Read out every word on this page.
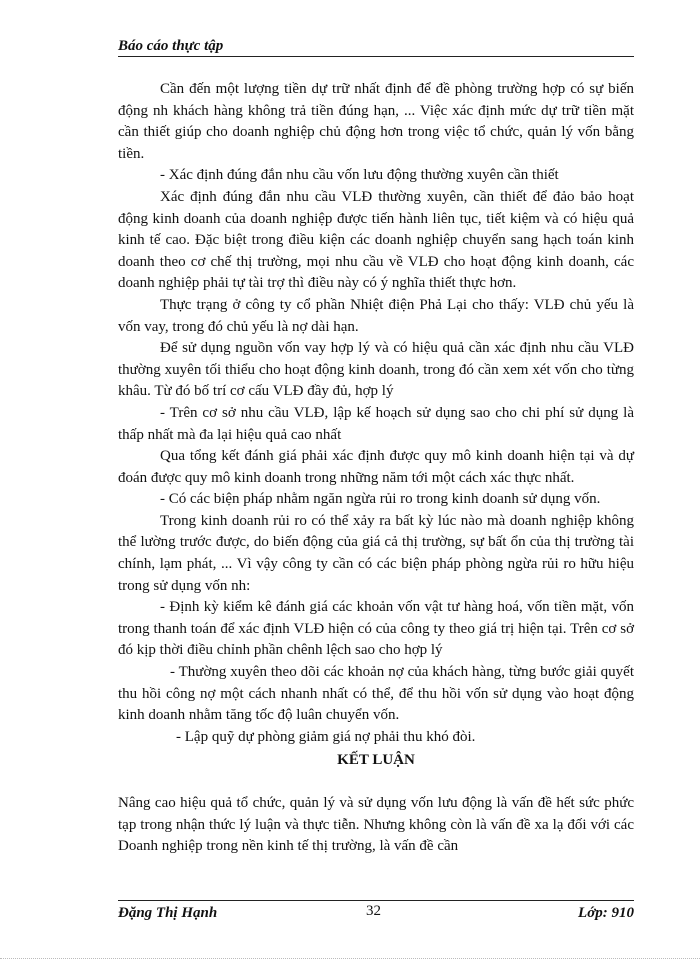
Báo cáo thực tập

Cần đến một lượng tiền dự trữ nhất định để đề phòng trường hợp có sự biến động nh khách hàng không trả tiền đúng hạn, ... Việc xác định mức dự trữ tiền mặt cần thiết giúp cho doanh nghiệp chủ động hơn trong việc tổ chức, quản lý vốn bằng tiền.

- Xác định đúng đắn nhu cầu vốn lưu động thường xuyên cần thiết

Xác định đúng đắn nhu cầu VLĐ thường xuyên, cần thiết để đảo bảo hoạt động kinh doanh của doanh nghiệp được tiến hành liên tục, tiết kiệm và có hiệu quả kinh tế cao. Đặc biệt trong điều kiện các doanh nghiệp chuyển sang hạch toán kinh doanh theo cơ chế thị trường, mọi nhu cầu về VLĐ cho hoạt động kinh doanh, các doanh nghiệp phải tự tài trợ thì điều này có ý nghĩa thiết thực hơn.

Thực trạng ở công ty cổ phần Nhiệt điện Phả Lại cho thấy: VLĐ chủ yếu là vốn vay, trong đó chủ yếu là nợ dài hạn.

Để sử dụng nguồn vốn vay hợp lý và có hiệu quả cần xác định nhu cầu VLĐ thường xuyên tối thiểu cho hoạt động kinh doanh, trong đó cần xem xét vốn cho từng khâu. Từ đó bố trí cơ cấu VLĐ đầy đủ, hợp lý

- Trên cơ sở nhu cầu VLĐ, lập kế hoạch sử dụng sao cho chi phí sử dụng là thấp nhất mà đa lại hiệu quả cao nhất

Qua tổng kết đánh giá phải xác định được quy mô kinh doanh hiện tại và dự đoán được quy mô kinh doanh trong những năm tới một cách xác thực nhất.

- Có các biện pháp nhằm ngăn ngừa rủi ro trong kinh doanh sử dụng vốn.

Trong kinh doanh rủi ro có thể xảy ra bất kỳ lúc nào mà doanh nghiệp không thể lường trước được, do biến động của giá cả thị trường, sự bất ổn của thị trường tài chính, lạm phát, ... Vì vậy công ty cần có các biện pháp phòng ngừa rủi ro hữu hiệu trong sử dụng vốn nh:

- Định kỳ kiểm kê đánh giá các khoản vốn vật tư hàng hoá, vốn tiền mặt, vốn trong thanh toán để xác định VLĐ hiện có của công ty theo giá trị hiện tại. Trên cơ sở đó kịp thời điều chỉnh phần chênh lệch sao cho hợp lý

- Thường xuyên theo dõi các khoản nợ của khách hàng, từng bước giải quyết thu hồi công nợ một cách nhanh nhất có thể, để thu hồi vốn sử dụng vào hoạt động kinh doanh nhằm tăng tốc độ luân chuyển vốn.

- Lập quỹ dự phòng giảm giá nợ phải thu khó đòi.

KẾT LUẬN

Nâng cao hiệu quả tổ chức, quản lý và sử dụng vốn lưu động là vấn đề hết sức phức tạp trong nhận thức lý luận và thực tiễn. Nhưng không còn là vấn đề xa lạ đối với các Doanh nghiệp trong nền kinh tế thị trường, là vấn đề cần

Đặng Thị Hạnh	32	Lớp: 910
